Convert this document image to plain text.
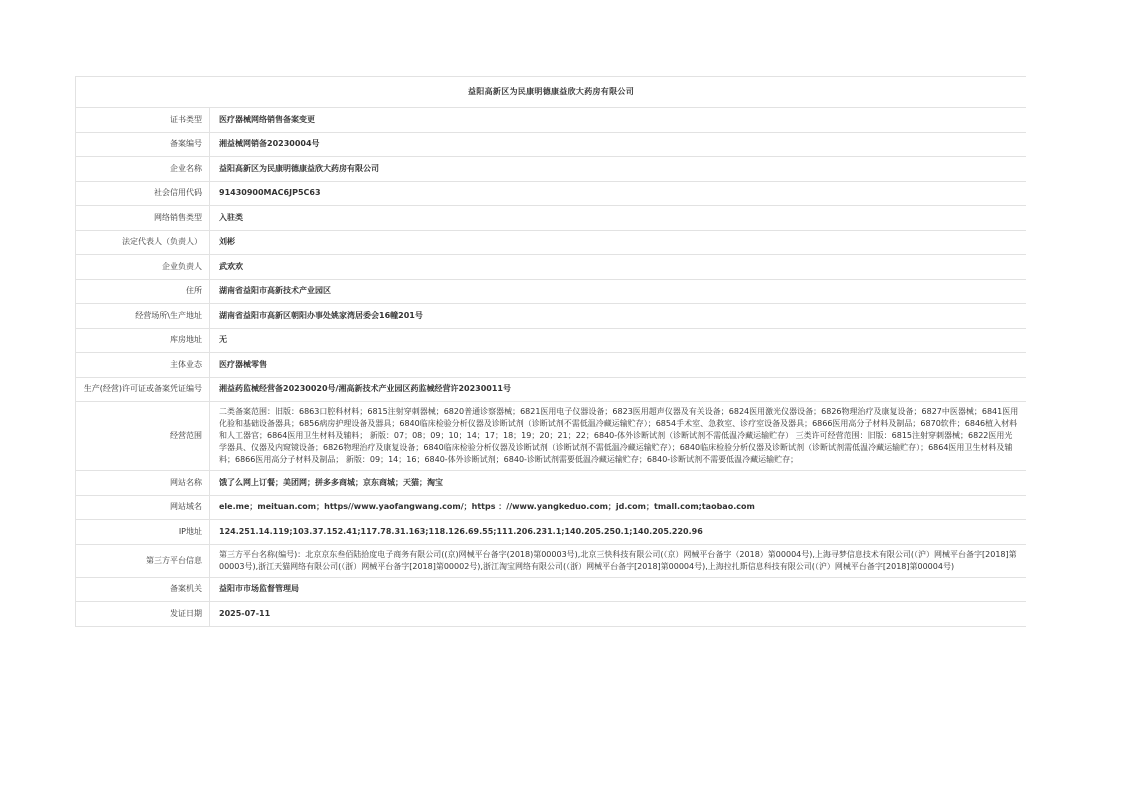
益阳高新区为民康明德康益欣大药房有限公司	
证书类型	医疗器械网络销售备案变更
备案编号	湘益械网销备20230004号
企业名称	益阳高新区为民康明德康益欣大药房有限公司
社会信用代码	91430900MAC6JP5C63
网络销售类型	入驻类
法定代表人（负责人）	刘彬
企业负责人	武欢欢
住所	湖南省益阳市高新技术产业园区
经营场所\生产地址	湖南省益阳市高新区朝阳办事处姚家湾居委会16幢201号
库房地址	无
主体业态	医疗器械零售
生产(经营)许可证或备案凭证编号	湘益药监械经营备20230020号/湘高新技术产业园区药监械经营许20230011号
经营范围	二类备案范围：旧版：6863口腔科材料；6815注射穿刺器械；6820普通诊察器械；6821医用电子仪器设备；6823医用超声仪器及有关设备；6824医用激光仪器设备；6826物理治疗及康复设备；6827中医器械；6841医用化验和基础设备器具；6856病房护理设备及器具；6840临床检验分析仪器及诊断试剂（诊断试剂不需低温冷藏运输贮存）；6854手术室、急救室、诊疗室设备及器具；6866医用高分子材料及制品；6870软件；6846植入材料和人工器官；6864医用卫生材料及辅料； 新版：07；08；09；10；14；17；18；19；20；21；22；6840-体外诊断试剂（诊断试剂不需低温冷藏运输贮存） 三类许可经营范围：旧版：6815注射穿刺器械；6822医用光学器具、仪器及内窥镜设备；6826物理治疗及康复设备；6840临床检验分析仪器及诊断试剂（诊断试剂不需低温冷藏运输贮存）；6840临床检验分析仪器及诊断试剂（诊断试剂需低温冷藏运输贮存）；6864医用卫生材料及辅料；6866医用高分子材料及制品； 新版：09；14；16；6840-体外诊断试剂；6840-诊断试剂需要低温冷藏运输贮存；6840-诊断试剂不需要低温冷藏运输贮存；
网站名称	饿了么网上订餐；美团网；拼多多商城；京东商城；天猫；淘宝
网站域名	ele.me；meituan.com；https//www.yaofangwang.com/；https ：//www.yangkeduo.com；jd.com；tmall.com;taobao.com
IP地址	124.251.14.119;103.37.152.41;117.78.31.163;118.126.69.55;111.206.231.1;140.205.250.1;140.205.220.96
第三方平台信息	第三方平台名称(编号)：北京京东叁佰陆拾度电子商务有限公司((京)网械平台备字(2018)第00003号),北京三快科技有限公司(（京）网械平台备字（2018）第00004号),上海寻梦信息技术有限公司(（沪）网械平台备字[2018]第00003号),浙江天猫网络有限公司(（浙）网械平台备字[2018]第00002号),浙江淘宝网络有限公司(（浙）网械平台备字[2018]第00004号),上海拉扎斯信息科技有限公司(（沪）网械平台备字[2018]第00004号)
备案机关	益阳市市场监督管理局
发证日期	2025-07-11
